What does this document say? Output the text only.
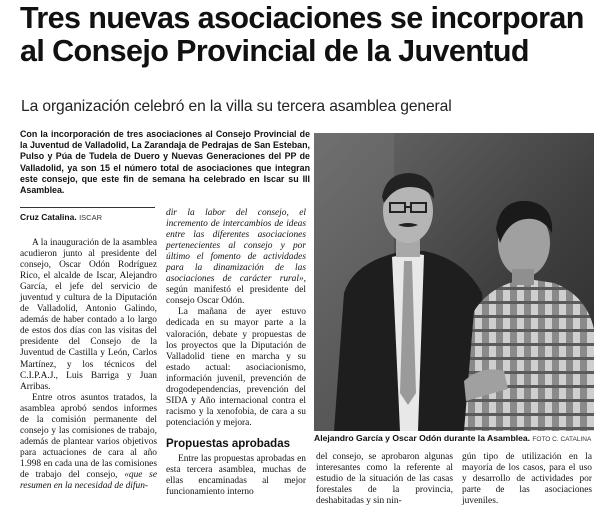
Tres nuevas asociaciones se incorporan al Consejo Provincial de la Juventud

La organización celebró en la villa su tercera asamblea general

Con la incorporación de tres asociaciones al Consejo Provincial de la Juventud de Valladolid, La Zarandaja de Pedrajas de San Esteban, Pulso y Púa de Tudela de Duero y Nuevas Generaciones del PP de Valladolid, ya son 15 el número total de asociaciones que integran este consejo, que este fin de semana ha celebrado en Iscar su III Asamblea.

Cruz Catalina. ISCAR

A la inauguración de la asamblea acudieron junto al presidente del consejo, Oscar Odón Rodríguez Rico, el alcalde de Iscar, Alejandro García, el jefe del servicio de juventud y cultura de la Diputación de Valladolid, Antonio Galindo, además de haber contado a lo largo de estos dos días con las visitas del presidente del Consejo de la Juventud de Castilla y León, Carlos Martínez, y los técnicos del C.I.P.A.J., Luis Barriga y Juan Arribas.

Entre otros asuntos tratados, la asamblea aprobó sendos informes de la comisión permanente del consejo y las comisiones de trabajo, además de plantear varios objetivos para actuaciones de cara al año 1.998 en cada una de las comisiones de trabajo del consejo, «que se resumen en la necesidad de difun-

dir la labor del consejo, el incremento de intercambios de ideas entre las diferentes asociaciones pertenecientes al consejo y por último el fomento de actividades para la dinamización de las asociaciones de carácter rural», según manifestó el presidente del consejo Oscar Odón.

La mañana de ayer estuvo dedicada en su mayor parte a la valoración, debate y propuestas de los proyectos que la Diputación de Valladolid tiene en marcha y su estado actual: asociacionismo, información juvenil, prevención de drogodependencias, prevención del SIDA y Año internacional contra el racismo y la xenofobia, de cara a su potenciación y mejora.

Propuestas aprobadas

Entre las propuestas aprobadas en esta tercera asamblea, muchas de ellas encaminadas al mejor funcionamiento interno

Alejandro García y Oscar Odón durante la Asamblea. FOTO C. CATALINA

del consejo, se aprobaron algunas interesantes como la referente al estudio de la situación de las casas forestales de la provincia, deshabitadas y sin nin-

gún tipo de utilización en la mayoría de los casos, para el uso y desarrollo de actividades por parte de las asociaciones juveniles.
